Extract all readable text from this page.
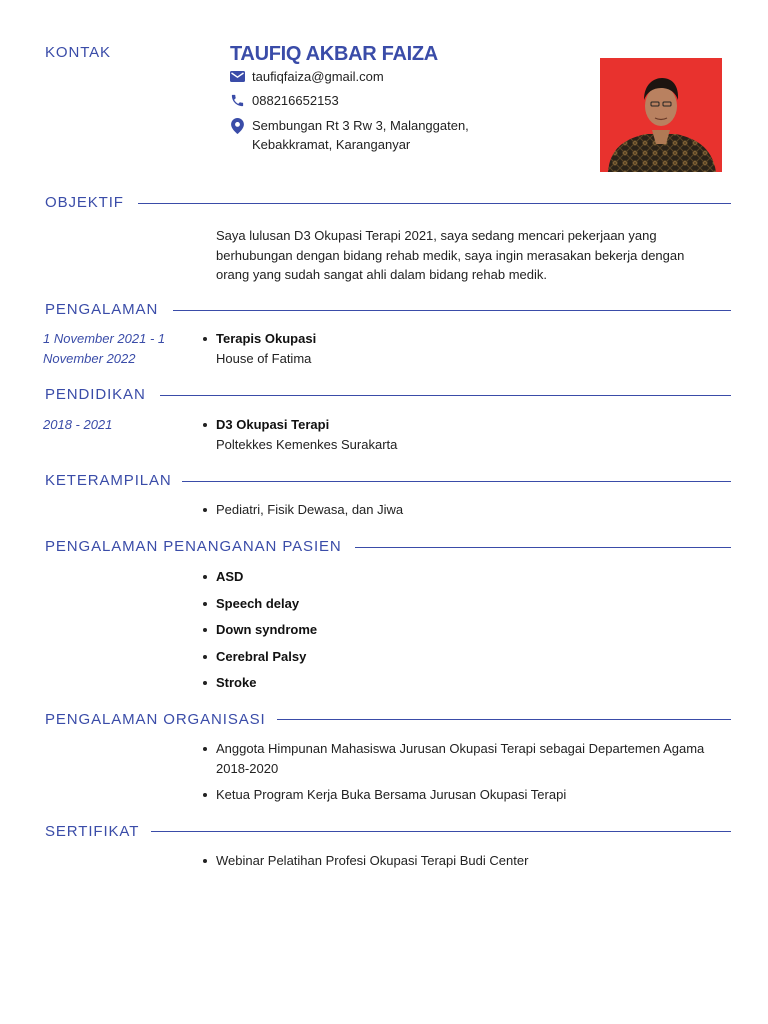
KONTAK	TAUFIQ AKBAR FAIZA
taufiqfaiza@gmail.com
088216652153
Sembungan Rt 3 Rw 3, Malanggaten,
Kebakkramat, Karanganyar
OBJEKTIF
Saya lulusan D3 Okupasi Terapi 2021, saya sedang mencari pekerjaan yang
berhubungan dengan bidang rehab medik, saya ingin merasakan bekerja dengan
orang yang sudah sangat ahli dalam bidang rehab medik.
PENGALAMAN
1 November 2021 - 1
November 2022
Terapis Okupasi
House of Fatima
PENDIDIKAN
2018 - 2021	D3 Okupasi Terapi
Poltekkes Kemenkes Surakarta
KETERAMPILAN
Pediatri, Fisik Dewasa, dan Jiwa
PENGALAMAN PENANGANAN PASIEN
ASD
Speech delay
Down syndrome
Cerebral Palsy
Stroke
PENGALAMAN ORGANISASI
Anggota Himpunan Mahasiswa Jurusan Okupasi Terapi sebagai Departemen Agama
2018-2020
Ketua Program Kerja Buka Bersama Jurusan Okupasi Terapi
SERTIFIKAT
Webinar Pelatihan Profesi Okupasi Terapi Budi Center
